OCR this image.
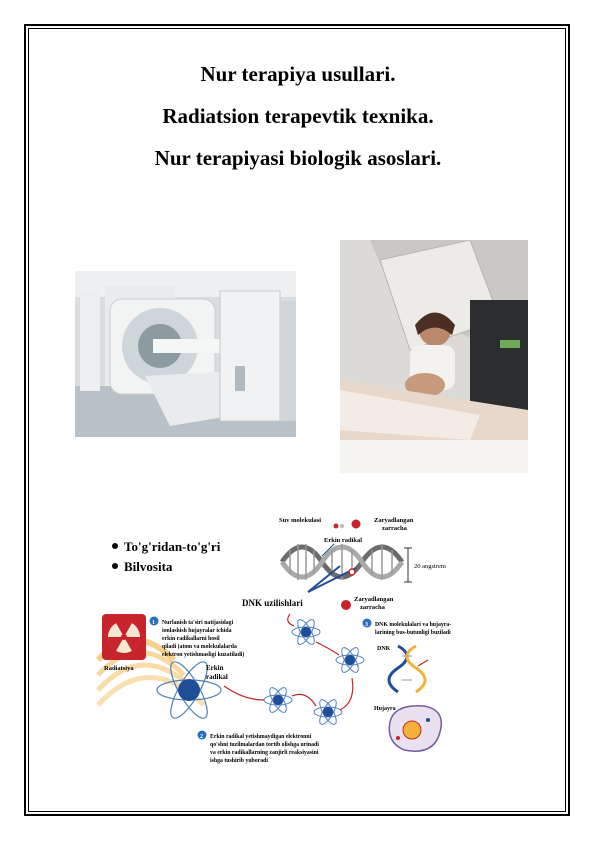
Nur terapiya usullari.
Radiatsion terapevtik texnika.
Nur terapiyasi biologik asoslari.
To'g'ridan-to'g'ri
Bilvosita	20 angstrem
Suv molekulasi	Zaryadlangan
zarracha
Erkin radikal
Zaryadlangan
zarracha
DNK uzilishlari
Radiatsiya
1 Nurlanish ta'siri natijasidagi ionlashish hujayralar ichida erkin radikallarni hosil qiladi (atom va molekulalarda elektron yetishmasligi kuzatiladi)
Erkin
radikal
3 DNK molekulalari va hujayra- larining bus-butunligi buziladi
DNK
Hujayra
2 Erkin radikal yetishmaydigan elektronni qo'shni tuzilmalardan tortib olishga urinadi va erkin radikallarning zanjirli reaksiyasini ishga tushirib yuboradi
